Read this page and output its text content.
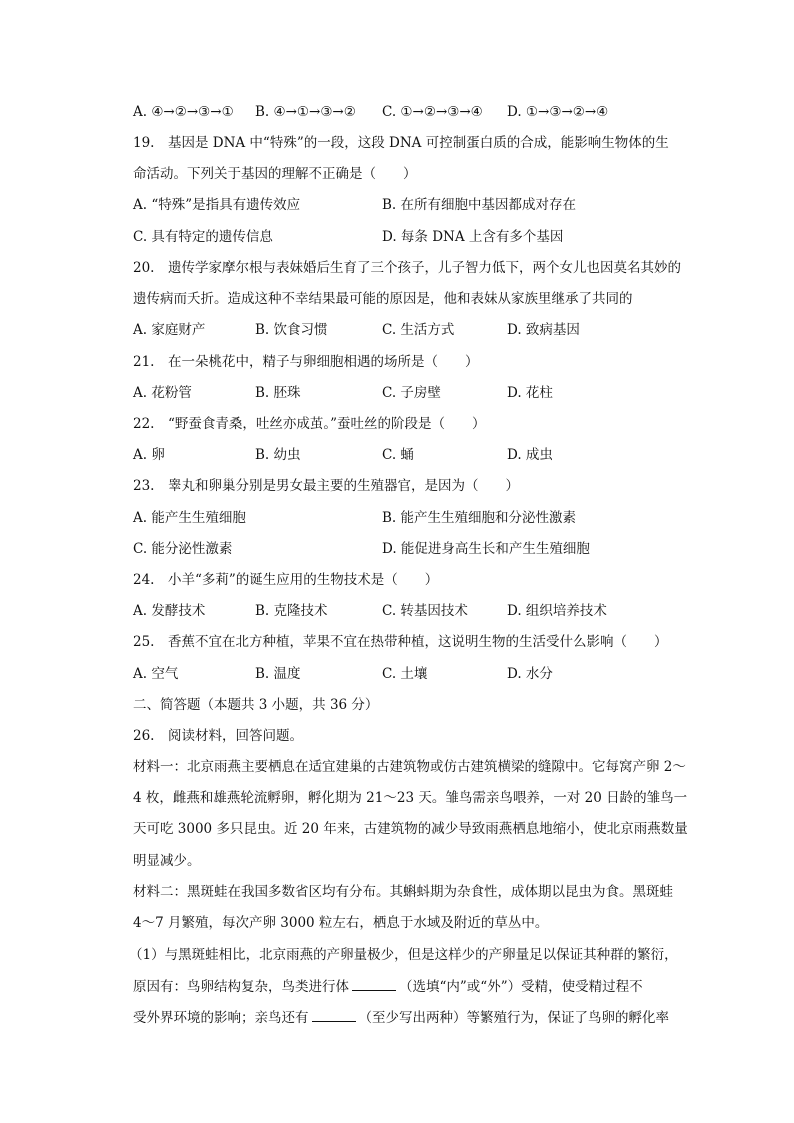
A. ④→②→③→① B. ④→①→③→② C. ①→②→③→④ D. ①→③→②→④
19.　基因是 DNA 中“特殊”的一段，这段 DNA 可控制蛋白质的合成，能影响生物体的生
命活动。下列关于基因的理解不正确是（　　）
A. “特殊”是指具有遗传效应	B. 在所有细胞中基因都成对存在
C. 具有特定的遗传信息	D. 每条 DNA 上含有多个基因
20.　遗传学家摩尔根与表妹婚后生育了三个孩子，儿子智力低下，两个女儿也因莫名其妙的
遗传病而夭折。造成这种不幸结果最可能的原因是，他和表妹从家族里继承了共同的
A. 家庭财产	B. 饮食习惯	C. 生活方式	D. 致病基因
21.　在一朵桃花中，精子与卵细胞相遇的场所是（　　）
A. 花粉管	B. 胚珠	C. 子房壁	D. 花柱
22.　“野蚕食青桑，吐丝亦成茧。”蚕吐丝的阶段是（　　）
A. 卵	B. 幼虫	C. 蛹	D. 成虫
23.　睾丸和卵巢分别是男女最主要的生殖器官，是因为（　　）
A. 能产生生殖细胞	B. 能产生生殖细胞和分泌性激素
C. 能分泌性激素	D. 能促进身高生长和产生生殖细胞
24.　小羊“多莉”的诞生应用的生物技术是（　　）
A. 发酵技术	B. 克隆技术	C. 转基因技术	D. 组织培养技术
25.　香蕉不宜在北方种植，苹果不宜在热带种植，这说明生物的生活受什么影响（　　）
A. 空气	B. 温度	C. 土壤	D. 水分
二、简答题（本题共 3 小题，共 36 分）
26.　阅读材料，回答问题。
材料一：北京雨燕主要栖息在适宜建巢的古建筑物或仿古建筑横梁的缝隙中。它每窝产卵 2～
4 枚，雌燕和雄燕轮流孵卵，孵化期为 21～23 天。雏鸟需亲鸟喂养，一对 20 日龄的雏鸟一
天可吃 3000 多只昆虫。近 20 年来，古建筑物的减少导致雨燕栖息地缩小，使北京雨燕数量
明显减少。
材料二：黑斑蛙在我国多数省区均有分布。其蝌蚪期为杂食性，成体期以昆虫为食。黑斑蛙
4～7 月繁殖，每次产卵 3000 粒左右，栖息于水域及附近的草丛中。
（1）与黑斑蛙相比，北京雨燕的产卵量极少，但是这样少的产卵量足以保证其种群的繁衍，
原因有：鸟卵结构复杂，鸟类进行体	（选填“内”或“外”）受精，使受精过程不
受外界环境的影响；亲鸟还有	（至少写出两种）等繁殖行为，保证了鸟卵的孵化率
